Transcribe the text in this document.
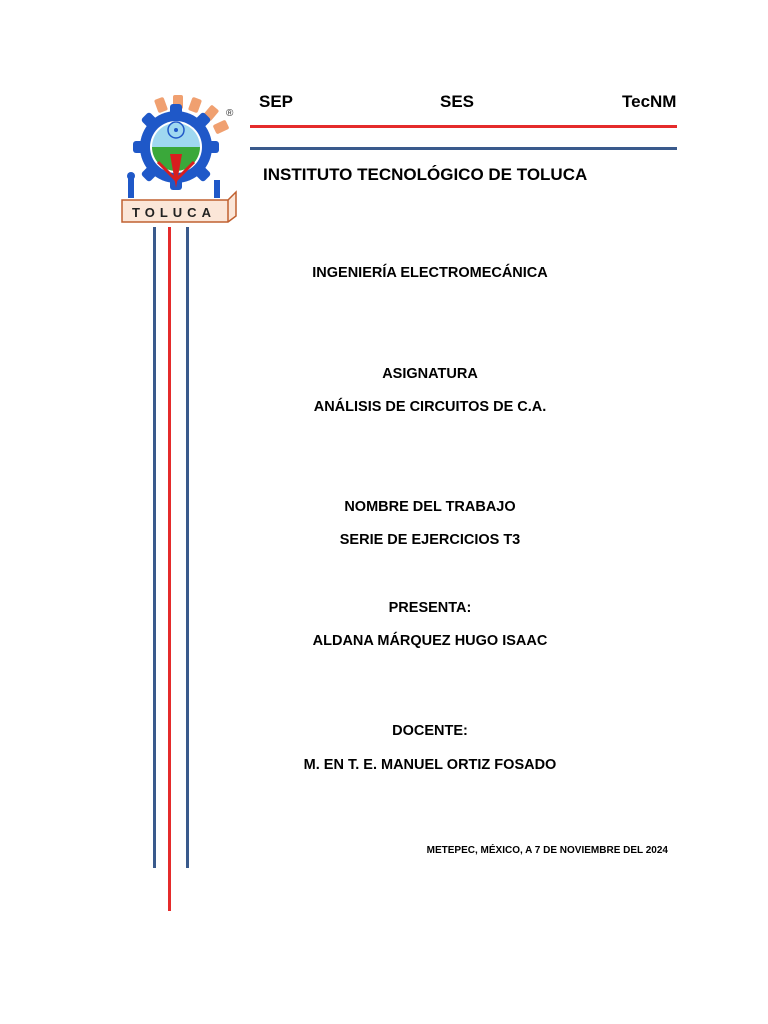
SEP	SES	TecNM
INSTITUTO TECNOLÓGICO DE TOLUCA
TOLUCA
®
INGENIERÍA ELECTROMECÁNICA
ASIGNATURA
ANÁLISIS DE CIRCUITOS DE C.A.
NOMBRE DEL TRABAJO
SERIE DE EJERCICIOS T3
PRESENTA:
ALDANA MÁRQUEZ HUGO ISAAC
DOCENTE:
M. EN T. E. MANUEL ORTIZ FOSADO
METEPEC, MÉXICO, A 7 DE NOVIEMBRE DEL 2024
